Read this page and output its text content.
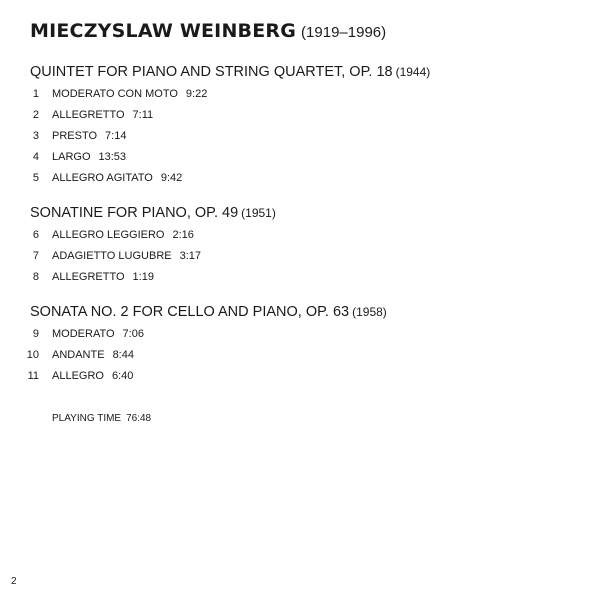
MIECZYSLAW WEINBERG (1919–1996)
QUINTET FOR PIANO AND STRING QUARTET, OP. 18 (1944)
1 MODERATO CON MOTO 9:22
2 ALLEGRETTO 7:11
3 PRESTO 7:14
4 LARGO 13:53
5 ALLEGRO AGITATO 9:42
SONATINE FOR PIANO, OP. 49 (1951)
6 ALLEGRO LEGGIERO 2:16
7 ADAGIETTO LUGUBRE 3:17
8 ALLEGRETTO 1:19
SONATA NO. 2 FOR CELLO AND PIANO, OP. 63 (1958)
9 MODERATO 7:06
10 ANDANTE 8:44
11 ALLEGRO 6:40
PLAYING TIME 76:48
2
